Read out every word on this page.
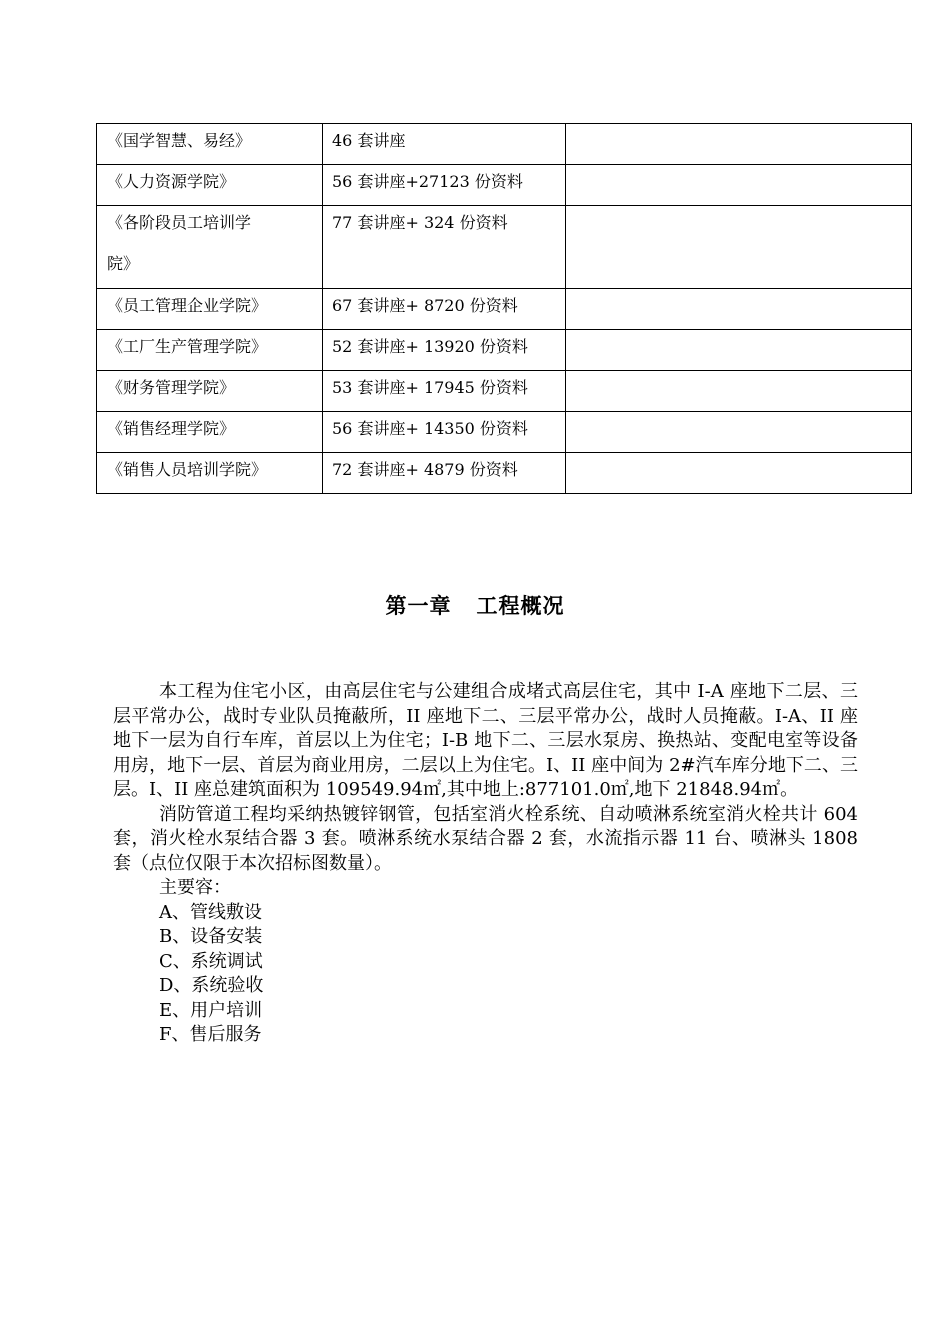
《国学智慧、易经》	46 套讲座	

《人力资源学院》	56 套讲座+27123 份资料	

《各阶段员工培训学院》	77 套讲座+ 324 份资料	

《员工管理企业学院》	67 套讲座+ 8720 份资料	

《工厂生产管理学院》	52 套讲座+ 13920 份资料	

《财务管理学院》	53 套讲座+ 17945 份资料	

《销售经理学院》	56 套讲座+ 14350 份资料	

《销售人员培训学院》	72 套讲座+ 4879 份资料	

第一章   工程概况

本工程为住宅小区，由高层住宅与公建组合成堵式高层住宅，其中 I-A 座地下二层、三层平常办公，战时专业队员掩蔽所，II 座地下二、三层平常办公，战时人员掩蔽。I-A、II 座地下一层为自行车库，首层以上为住宅；I-B 地下二、三层水泵房、换热站、变配电室等设备用房，地下一层、首层为商业用房，二层以上为住宅。I、II 座中间为 2#汽车库分地下二、三层。I、II 座总建筑面积为 109549.94㎡,其中地上:877101.0㎡,地下 21848.94㎡。

消防管道工程均采纳热镀锌钢管，包括室消火栓系统、自动喷淋系统室消火栓共计 604 套，消火栓水泵结合器 3 套。喷淋系统水泵结合器 2 套，水流指示器 11 台、喷淋头 1808 套（点位仅限于本次招标图数量）。

主要容：
A、管线敷设
B、设备安装
C、系统调试
D、系统验收
E、用户培训
F、售后服务
